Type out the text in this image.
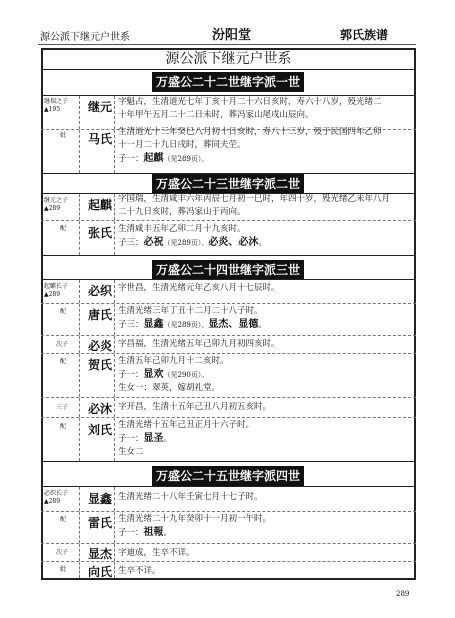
源公派下继元户世系	汾阳堂	郭氏族谱
源公派下继元户世系
万盛公二十二世继字派一世
继瑞之子
▲195	继元 字魁占，生清道光七年丁亥十月二十六日亥时，寿六十八岁，殁光绪二
十年甲午五月二十二日未时，葬冯家山尾戌山辰向。
妣	马氏 生清道光十三年癸巳八月初十日亥时，寿八十三岁，殁于民国四年乙卯
十一月二十九日戌时，葬同夫茔。
子一：起麒（见289页）。
万盛公二十三世继字派二世
继元之子
▲289	起麒 字国瑞，生清咸丰六年丙辰七月初一巳时，年四十岁，殁光绪乙未年八月
二十九日亥时，葬冯家山于丙向。
配	张氏 生清咸丰五年乙卯二月十九亥时。
子三：必祝（见289页）、必炎、必沐。
万盛公二十四世继字派三世
起麒长子
▲289	必织 字世昌，生清光绪元年乙亥八月十七辰时。
配	唐氏 生清光绪三年丁丑十二月二十八子时。
子三：显鑫（见289页）、显杰、显德。
次子	必炎 字昌福，生清光绪五年己卯九月初四亥时。
配	贺氏 生清五年己卯九月十二亥时。
子一：显欢（见290页）。
生女一：翠英，嫁胡礼堂。
三子	必沐 字开昌，生清十五年己丑八月初五亥时。
配	刘氏 生清光绪十五年己丑正月十六子时。
子一：显圣。
生女二
万盛公二十五世继字派四世
必织长子
▲289	显鑫 生清光绪二十八年壬寅七月十七子时。
配	雷氏 生清光绪二十九年癸卯十一月初一午时。
子一：祖報。
次子	显杰 字迪成，生卒不详。
妣	向氏 生卒不详。
289
